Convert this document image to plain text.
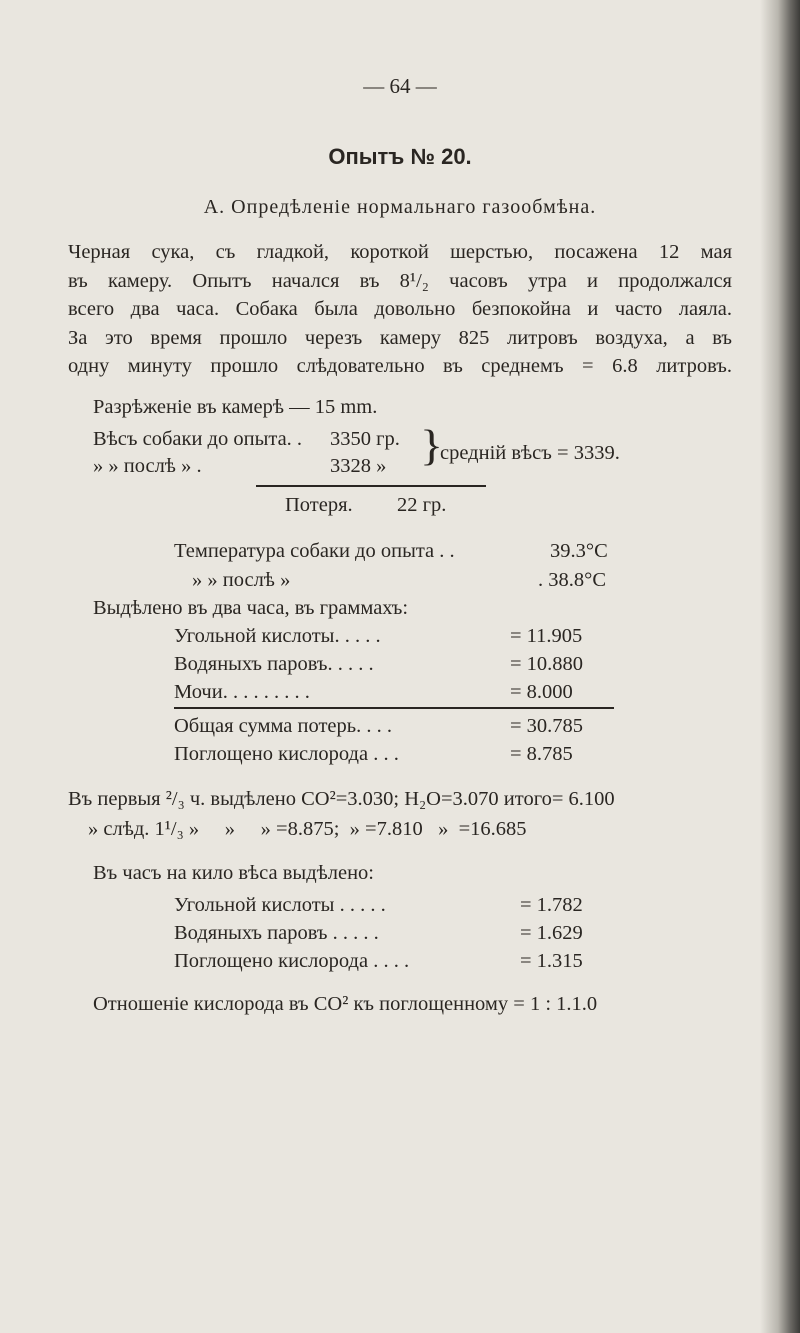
— 64 —
Опытъ № 20.
А. Опредѣленіе нормальнаго газообмѣна.
Черная сука, съ гладкой, короткой шерстью, посажена 12 мая
въ камеру. Опытъ начался въ 8¹/₂ часовъ утра и продолжался
всего два часа. Собака была довольно безпокойна и часто лаяла.
За это время прошло черезъ камеру 825 литровъ воздуха, а въ
одну минуту прошло слѣдовательно въ среднемъ = 6.8 литровъ.
Разрѣженіе въ камерѣ — 15 mm.
Вѣсъ собаки до опыта. . 3350 гр.
» » послѣ » .	3328 » }
средній вѣсъ = 3339.
Потеря. 22 гр.
Температура собаки до опыта . .	39.3°C
» » послѣ »	. 38.8°C
Выдѣлено въ два часа, въ граммахъ:
Угольной кислоты. . . . .	= 11.905
Водяныхъ паровъ. . . . .	= 10.880
Мочи. . . . . . . . .	= 8.000
Общая сумма потерь. . . .	= 30.785
Поглощено кислорода . . .	= 8.785
Въ первыя ²/₃ ч. выдѣлено CO²=3.030; H₂O=3.070 итого= 6.100
» слѣд. 1¹/₃ »     »     » =8.875;  » =7.810   »  =16.685
Въ часъ на кило вѣса выдѣлено:
Угольной кислоты . . . . .	= 1.782
Водяныхъ паровъ . . . . .	= 1.629
Поглощено кислорода . . . .	= 1.315
Отношеніе кислорода въ CO² къ поглощенному = 1 : 1.1.0
